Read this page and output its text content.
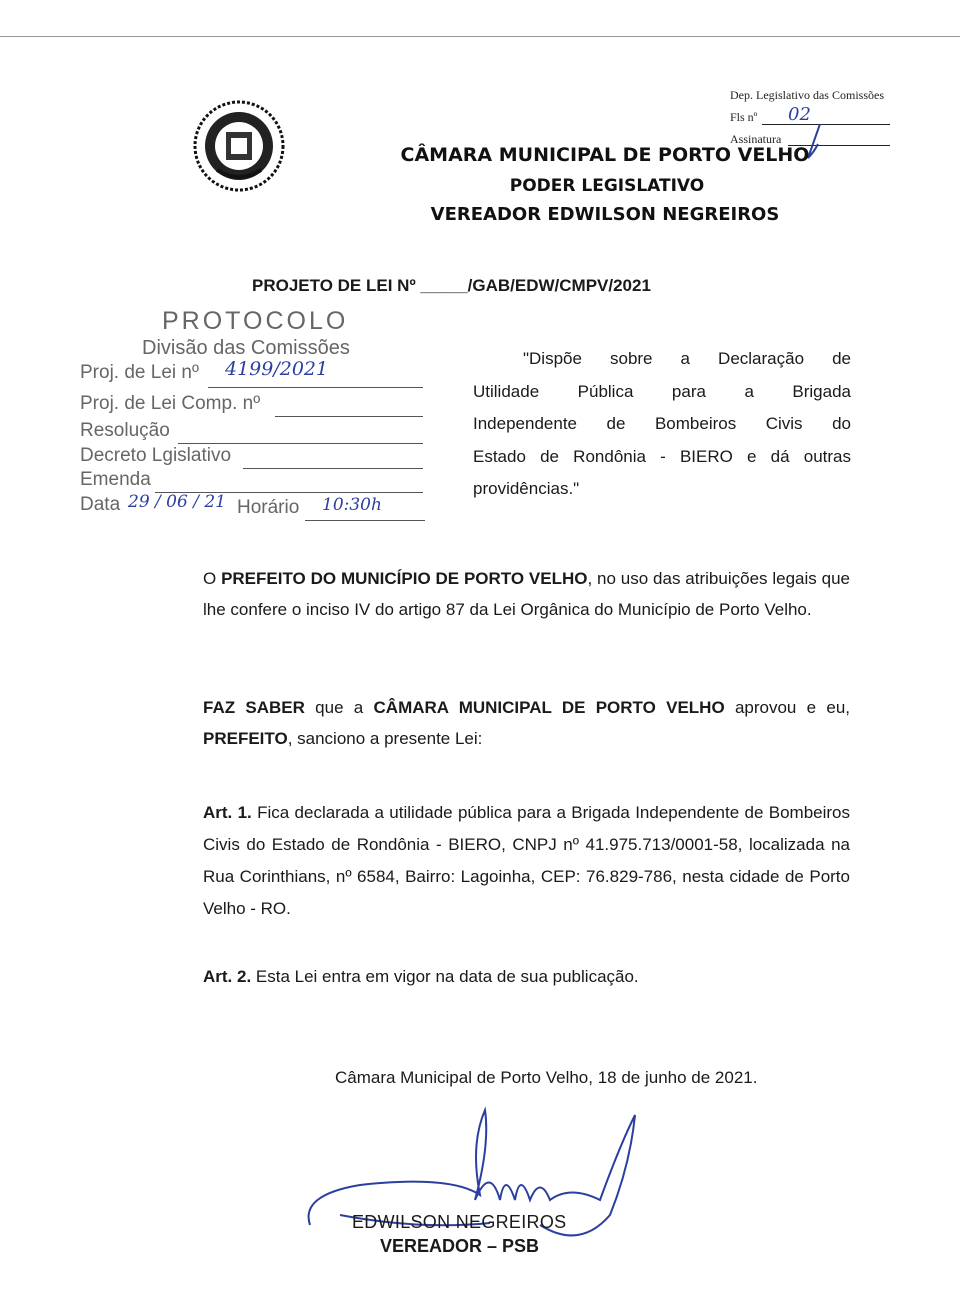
Dep. Legislativo das Comissões
Fls nº 02
Assinatura
CÂMARA MUNICIPAL DE PORTO VELHO
PODER LEGISLATIVO
VEREADOR EDWILSON NEGREIROS
PROJETO DE LEI Nº _____/GAB/EDW/CMPV/2021
PROTOCOLO
Divisão das Comissões
Proj. de Lei nº 4199/2021
Proj. de Lei Comp. nº
Resolução
Decreto Lgislativo
Emenda
Data 29 / 06 / 21 Horário 10:30h
"Dispõe sobre a Declaração de
Utilidade Pública para a Brigada
Independente de Bombeiros Civis do
Estado de Rondônia - BIERO e dá outras
providências."
O PREFEITO DO MUNICÍPIO DE PORTO VELHO, no uso das atribuições legais que lhe confere o inciso IV do artigo 87 da Lei Orgânica do Município de Porto Velho.
FAZ SABER que a CÂMARA MUNICIPAL DE PORTO VELHO aprovou e eu, PREFEITO, sanciono a presente Lei:
Art. 1. Fica declarada a utilidade pública para a Brigada Independente de Bombeiros Civis do Estado de Rondônia - BIERO, CNPJ nº 41.975.713/0001-58, localizada na Rua Corinthians, nº 6584, Bairro: Lagoinha, CEP: 76.829-786, nesta cidade de Porto Velho - RO.
Art. 2. Esta Lei entra em vigor na data de sua publicação.
Câmara Municipal de Porto Velho, 18 de junho de 2021.
EDWILSON NEGREIROS
VEREADOR – PSB
